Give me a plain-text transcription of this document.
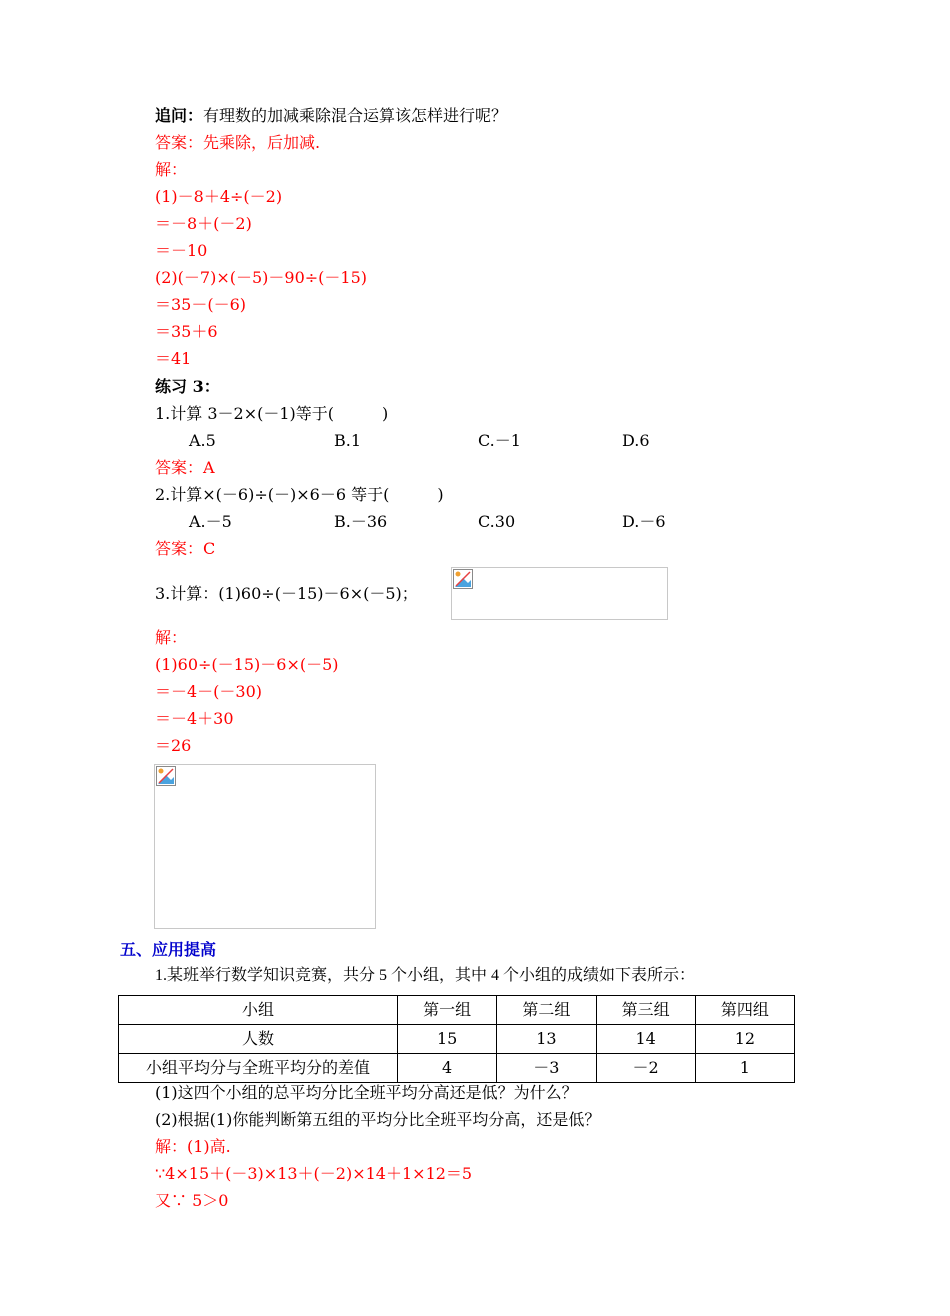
追问：有理数的加减乘除混合运算该怎样进行呢？
答案：先乘除，后加减.
解：
(1)－8＋4÷(－2)
＝－8＋(－2)
＝－10
(2)(－7)×(－5)－90÷(－15)
＝35－(－6)
＝35＋6
＝41
练习 3：
1.计算 3－2×(－1)等于(　　　)
A.5	B.1	C.－1	D.6
答案：A
2.计算×(－6)÷(－)×6－6 等于(　　　)
A.－5	B.－36	C.30	D.－6
答案：C
3.计算：(1)60÷(－15)－6×(－5)；
解：
(1)60÷(－15)－6×(－5)
＝－4－(－30)
＝－4＋30
＝26
五、应用提高
1.某班举行数学知识竞赛，共分 5 个小组，其中 4 个小组的成绩如下表所示：
小组	第一组	第二组	第三组	第四组
人数	15	13	14	12
小组平均分与全班平均分的差值	4	－3	－2	1
(1)这四个小组的总平均分比全班平均分高还是低？为什么？
(2)根据(1)你能判断第五组的平均分比全班平均分高，还是低？
解：(1)高.
∵4×15＋(－3)×13＋(－2)×14＋1×12＝5
又∵ 5＞0
